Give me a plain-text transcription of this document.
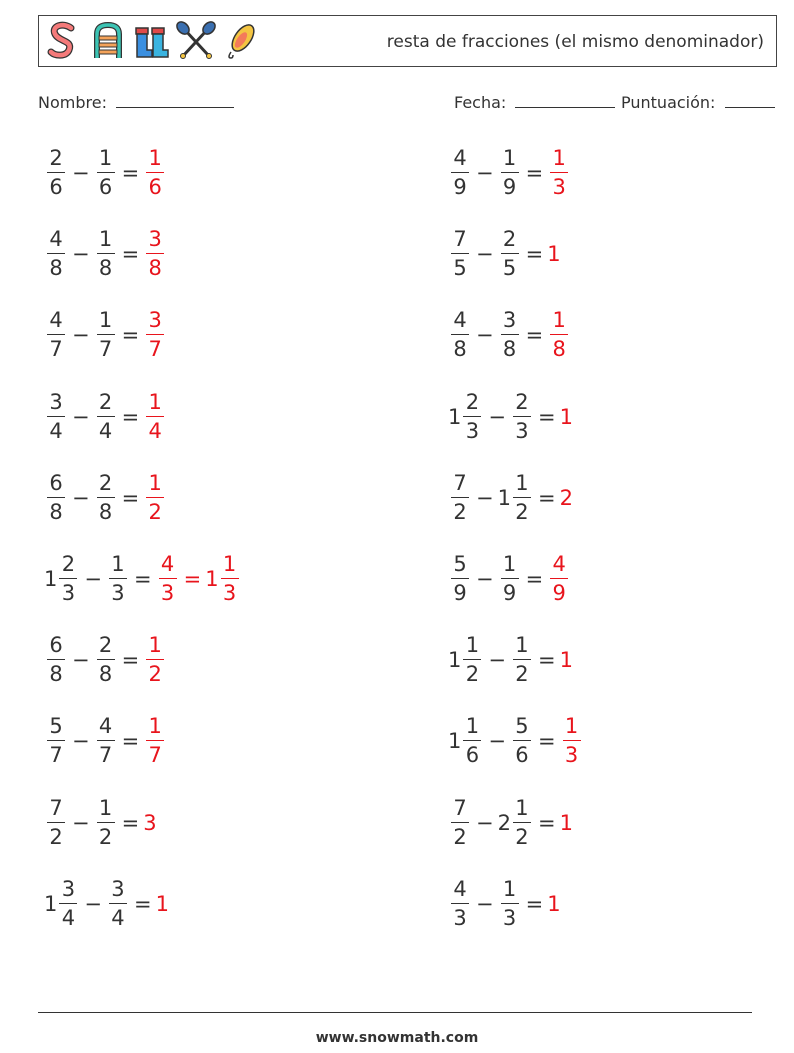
resta de fracciones (el mismo denominador)
Nombre:	Fecha:	Puntuación:
$\frac{2}{6} - \frac{1}{6} = \frac{1}{6}$	$\frac{4}{9} - \frac{1}{9} = \frac{1}{3}$
$\frac{4}{8} - \frac{1}{8} = \frac{3}{8}$	$\frac{7}{5} - \frac{2}{5} = 1$
$\frac{4}{7} - \frac{1}{7} = \frac{3}{7}$	$\frac{4}{8} - \frac{3}{8} = \frac{1}{8}$
$\frac{3}{4} - \frac{2}{4} = \frac{1}{4}$	$1 \frac{2}{3} - \frac{2}{3} = 1$
$\frac{6}{8} - \frac{2}{8} = \frac{1}{2}$	$\frac{7}{2} - 1 \frac{1}{2} = 2$
$1 \frac{2}{3} - \frac{1}{3} = \frac{4}{3} = 1 \frac{1}{3}$	$\frac{5}{9} - \frac{1}{9} = \frac{4}{9}$
$\frac{6}{8} - \frac{2}{8} = \frac{1}{2}$	$1 \frac{1}{2} - \frac{1}{2} = 1$
$\frac{5}{7} - \frac{4}{7} = \frac{1}{7}$	$1 \frac{1}{6} - \frac{5}{6} = \frac{1}{3}$
$\frac{7}{2} - \frac{1}{2} = 3$	$\frac{7}{2} - 2 \frac{1}{2} = 1$
$1 \frac{3}{4} - \frac{3}{4} = 1$	$\frac{4}{3} - \frac{1}{3} = 1$
www.snowmath.com
